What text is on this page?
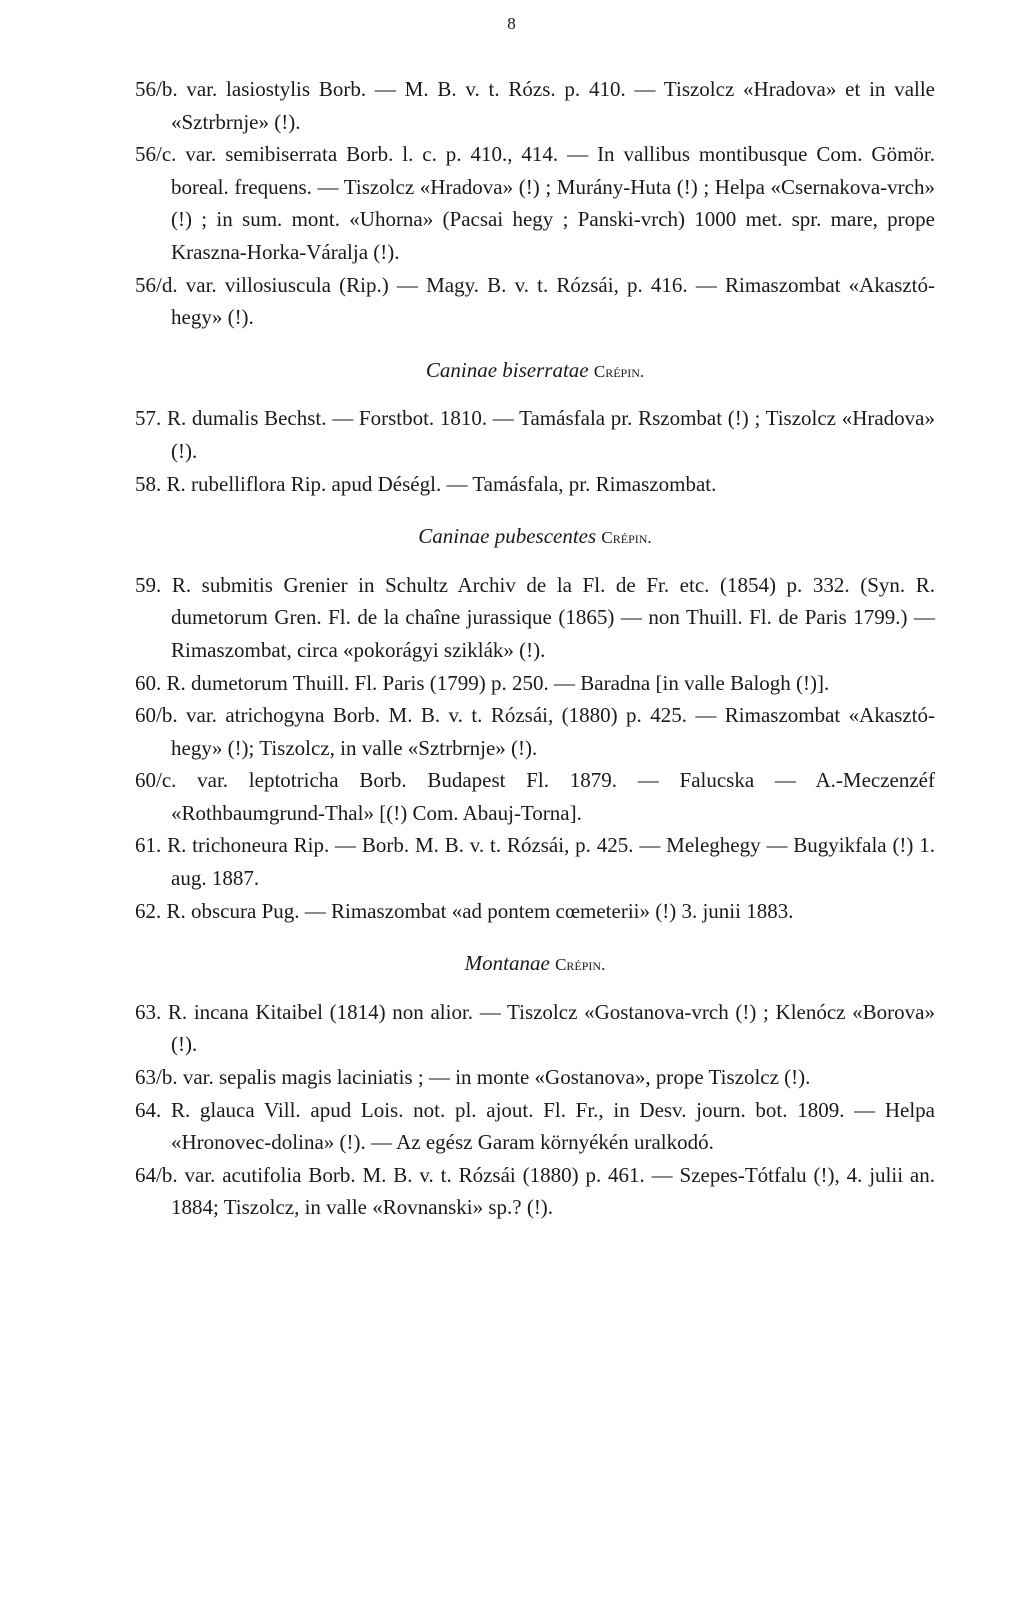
8

56/b. var. lasiostylis Borb. — M. B. v. t. Rózs. p. 410. — Tiszolcz «Hradova» et in valle «Sztrbrnje» (!).

56/c. var. semibiserrata Borb. l. c. p. 410., 414. — In vallibus montibusque Com. Gömör. boreal. frequens. — Tiszolcz «Hradova» (!) ; Murány-Huta (!) ; Helpa «Csernakova-vrch» (!) ; in sum. mont. «Uhorna» (Pacsai hegy ; Panski-vrch) 1000 met. spr. mare, prope Kraszna-Horka-Váralja (!).

56/d. var. villosiuscula (Rip.) — Magy. B. v. t. Rózsái, p. 416. — Rimaszombat «Akasztó-hegy» (!).

Caninae biserratae Crépin.

57. R. dumalis Bechst. — Forstbot. 1810. — Tamásfala pr. Rszombat (!) ; Tiszolcz «Hradova» (!).

58. R. rubelliflora Rip. apud Déségl. — Tamásfala, pr. Rimaszombat.

Caninae pubescentes Crépin.

59. R. submitis Grenier in Schultz Archiv de la Fl. de Fr. etc. (1854) p. 332. (Syn. R. dumetorum Gren. Fl. de la chaîne jurassique (1865) — non Thuill. Fl. de Paris 1799.) — Rimaszombat, circa «pokorágyi sziklák» (!).

60. R. dumetorum Thuill. Fl. Paris (1799) p. 250. — Baradna [in valle Balogh (!)].

60/b. var. atrichogyna Borb. M. B. v. t. Rózsái, (1880) p. 425. — Rimaszombat «Akasztó-hegy» (!); Tiszolcz, in valle «Sztrbrnje» (!).

60/c. var. leptotricha Borb. Budapest Fl. 1879. — Falucska — A.-Meczenzéf «Rothbaumgrund-Thal» [(!) Com. Abauj-Torna].

61. R. trichoneura Rip. — Borb. M. B. v. t. Rózsái, p. 425. — Meleghegy — Bugyikfala (!) 1. aug. 1887.

62. R. obscura Pug. — Rimaszombat «ad pontem cœmeterii» (!) 3. junii 1883.

Montanae Crépin.

63. R. incana Kitaibel (1814) non alior. — Tiszolcz «Gostanova-vrch (!) ; Klenócz «Borova» (!).

63/b. var. sepalis magis laciniatis ; — in monte «Gostanova», prope Tiszolcz (!).

64. R. glauca Vill. apud Lois. not. pl. ajout. Fl. Fr., in Desv. journ. bot. 1809. — Helpa «Hronovec-dolina» (!). — Az egész Garam környékén uralkodó.

64/b. var. acutifolia Borb. M. B. v. t. Rózsái (1880) p. 461. — Szepes-Tótfalu (!), 4. julii an. 1884; Tiszolcz, in valle «Rovnanski» sp.? (!).
